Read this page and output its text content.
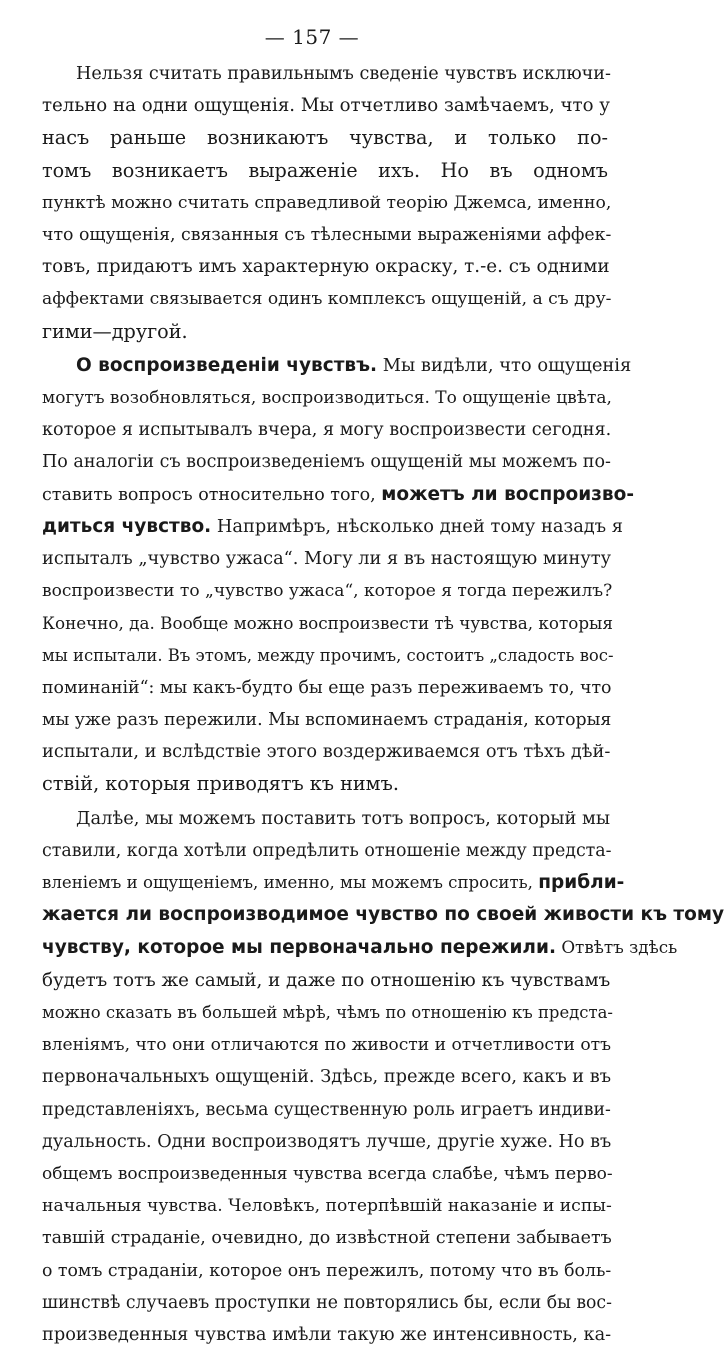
— 157 —
Нельзя считать правильнымъ сведеніе чувствъ исключи-
тельно на одни ощущенія. Мы отчетливо замѣчаемъ, что у
насъ раньше возникаютъ чувства, и только по-
томъ возникаетъ выраженіе ихъ. Но въ одномъ
пунктѣ можно считать справедливой теорію Джемса, именно,
что ощущенія, связанныя съ тѣлесными выраженіями аффек-
товъ, придаютъ имъ характерную окраску, т.-е. съ одними
аффектами связывается одинъ комплексъ ощущеній, а съ дру-
гими—другой.
О воспроизведеніи чувствъ. Мы видѣли, что ощущенія
могутъ возобновляться, воспроизводиться. То ощущеніе цвѣта,
которое я испытывалъ вчера, я могу воспроизвести сегодня.
По аналогіи съ воспроизведеніемъ ощущеній мы можемъ по-
ставить вопросъ относительно того, можетъ ли воспроизво-
диться чувство. Напримѣръ, нѣсколько дней тому назадъ я
испыталъ „чувство ужаса“. Могу ли я въ настоящую минуту
воспроизвести то „чувство ужаса“, которое я тогда пережилъ?
Конечно, да. Вообще можно воспроизвести тѣ чувства, которыя
мы испытали. Въ этомъ, между прочимъ, состоитъ „сладость вос-
поминаній“: мы какъ-будто бы еще разъ переживаемъ то, что
мы уже разъ пережили. Мы вспоминаемъ страданія, которыя
испытали, и вслѣдствіе этого воздерживаемся отъ тѣхъ дѣй-
ствій, которыя приводятъ къ нимъ.
Далѣе, мы можемъ поставить тотъ вопросъ, который мы
ставили, когда хотѣли опредѣлить отношеніе между предста-
вленіемъ и ощущеніемъ, именно, мы можемъ спросить, прибли-
жается ли воспроизводимое чувство по своей живости къ тому
чувству, которое мы первоначально пережили. Отвѣтъ здѣсь
будетъ тотъ же самый, и даже по отношенію къ чувствамъ
можно сказать въ большей мѣрѣ, чѣмъ по отношенію къ предста-
вленіямъ, что они отличаются по живости и отчетливости отъ
первоначальныхъ ощущеній. Здѣсь, прежде всего, какъ и въ
представленіяхъ, весьма существенную роль играетъ индиви-
дуальность. Одни воспроизводятъ лучше, другіе хуже. Но въ
общемъ воспроизведенныя чувства всегда слабѣе, чѣмъ перво-
начальныя чувства. Человѣкъ, потерпѣвшій наказаніе и испы-
тавшій страданіе, очевидно, до извѣстной степени забываетъ
о томъ страданіи, которое онъ пережилъ, потому что въ боль-
шинствѣ случаевъ проступки не повторялись бы, если бы вос-
произведенныя чувства имѣли такую же интенсивность, ка-
